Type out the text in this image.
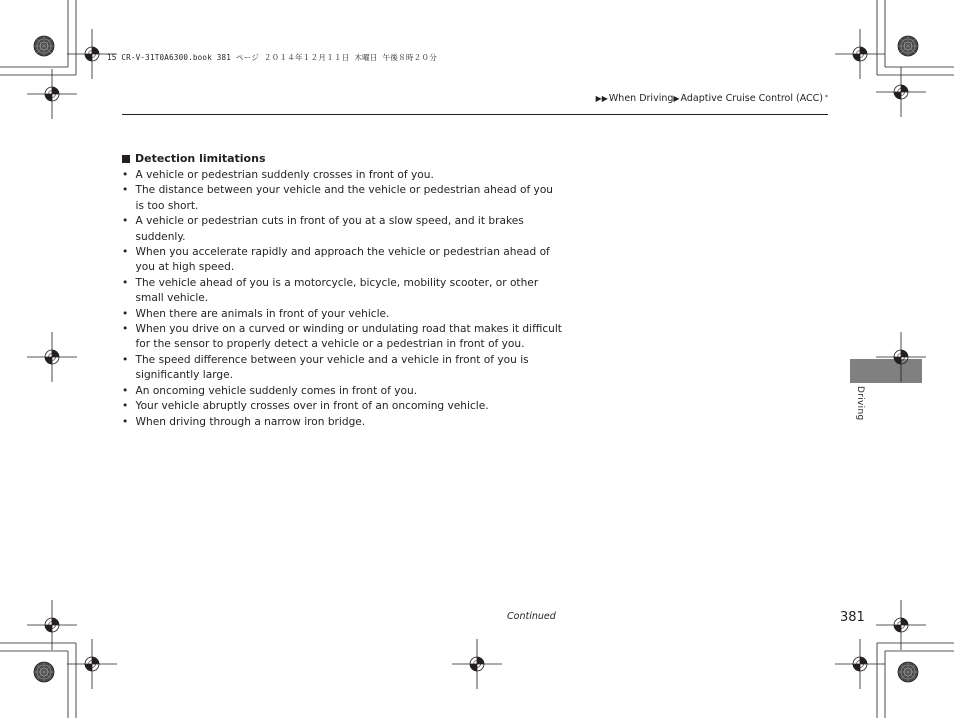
15 CR-V-31T0A6300.book 381 ページ ２０１４年１２月１１日 木曜日 午後８時２０分
▶▶ When Driving ▶ Adaptive Cruise Control (ACC) *
Detection limitations
• A vehicle or pedestrian suddenly crosses in front of you.
• The distance between your vehicle and the vehicle or pedestrian ahead of you is too short.
• A vehicle or pedestrian cuts in front of you at a slow speed, and it brakes suddenly.
• When you accelerate rapidly and approach the vehicle or pedestrian ahead of you at high speed.
• The vehicle ahead of you is a motorcycle, bicycle, mobility scooter, or other small vehicle.
• When there are animals in front of your vehicle.
• When you drive on a curved or winding or undulating road that makes it difficult for the sensor to properly detect a vehicle or a pedestrian in front of you.
• The speed difference between your vehicle and a vehicle in front of you is significantly large.
• An oncoming vehicle suddenly comes in front of you.
• Your vehicle abruptly crosses over in front of an oncoming vehicle.
• When driving through a narrow iron bridge.
Driving
Continued	381
